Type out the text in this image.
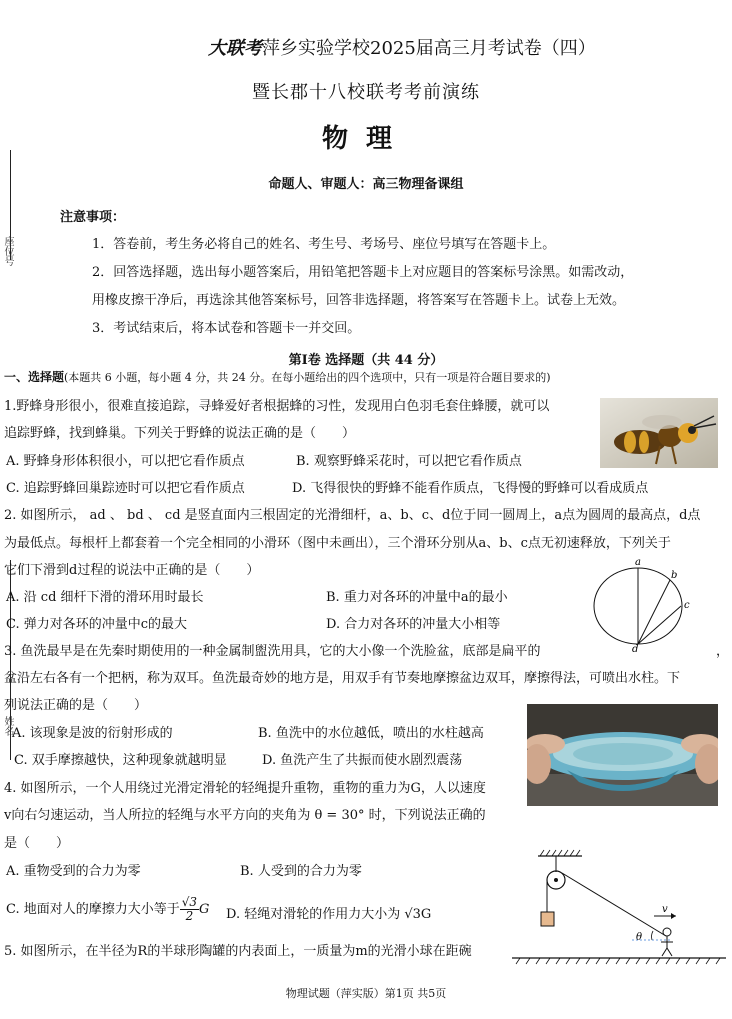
座位号
姓名
大联考萍乡实验学校2025届高三月考试卷（四）
暨长郡十八校联考考前演练
物理
命题人、审题人：高三物理备课组
注意事项：
1．答卷前，考生务必将自己的姓名、考生号、考场号、座位号填写在答题卡上。
2．回答选择题，选出每小题答案后，用铅笔把答题卡上对应题目的答案标号涂黑。如需改动，
用橡皮擦干净后，再选涂其他答案标号，回答非选择题，将答案写在答题卡上。试卷上无效。
3．考试结束后，将本试卷和答题卡一并交回。
第Ⅰ卷 选择题（共 44 分）
一、选择题(本题共 6 小题，每小题 4 分，共 24 分。在每小题给出的四个选项中，只有一项是符合题目要求的)
1.野蜂身形很小，很难直接追踪，寻蜂爱好者根据蜂的习性，发现用白色羽毛套住蜂腰，就可以
追踪野蜂，找到蜂巢。下列关于野蜂的说法正确的是（　　）
A. 野蜂身形体积很小，可以把它看作质点	B. 观察野蜂采花时，可以把它看作质点
C. 追踪野蜂回巢踪迹时可以把它看作质点	D. 飞得很快的野蜂不能看作质点，飞得慢的野蜂可以看成质点
2. 如图所示， ad 、 bd 、 cd 是竖直面内三根固定的光滑细杆，a、b、c、d位于同一圆周上，a点为圆周的最高点，d点
为最低点。每根杆上都套着一个完全相同的小滑环（图中未画出），三个滑环分别从a、b、c点无初速释放，下列关于
它们下滑到d过程的说法中正确的是（　　）
A. 沿 cd 细杆下滑的滑环用时最长	B. 重力对各环的冲量中a的最小
C. 弹力对各环的冲量中c的最大	D. 合力对各环的冲量大小相等
a
b
c
d
3. 鱼洗最早是在先秦时期使用的一种金属制盥洗用具，它的大小像一个洗脸盆，底部是扁平的	，
盆沿左右各有一个把柄，称为双耳。鱼洗最奇妙的地方是，用双手有节奏地摩擦盆边双耳，摩擦得法，可喷出水柱。下
列说法正确的是（　　）
A. 该现象是波的衍射形成的	B. 鱼洗中的水位越低，喷出的水柱越高
C. 双手摩擦越快，这种现象就越明显	D. 鱼洗产生了共振而使水剧烈震荡
4. 如图所示，一个人用绕过光滑定滑轮的轻绳提升重物，重物的重力为G，人以速度
v向右匀速运动，当人所拉的轻绳与水平方向的夹角为 θ = 30° 时，下列说法正确的
是（　　）
A. 重物受到的合力为零	B. 人受到的合力为零
C. 地面对人的摩擦力大小等于 $\frac{√3}{2}$ G D. 轻绳对滑轮的作用力大小为 √3G
θ
v
5. 如图所示，在半径为R的半球形陶罐的内表面上，一质量为m的光滑小球在距碗
物理试题（萍实版）第1页 共5页
